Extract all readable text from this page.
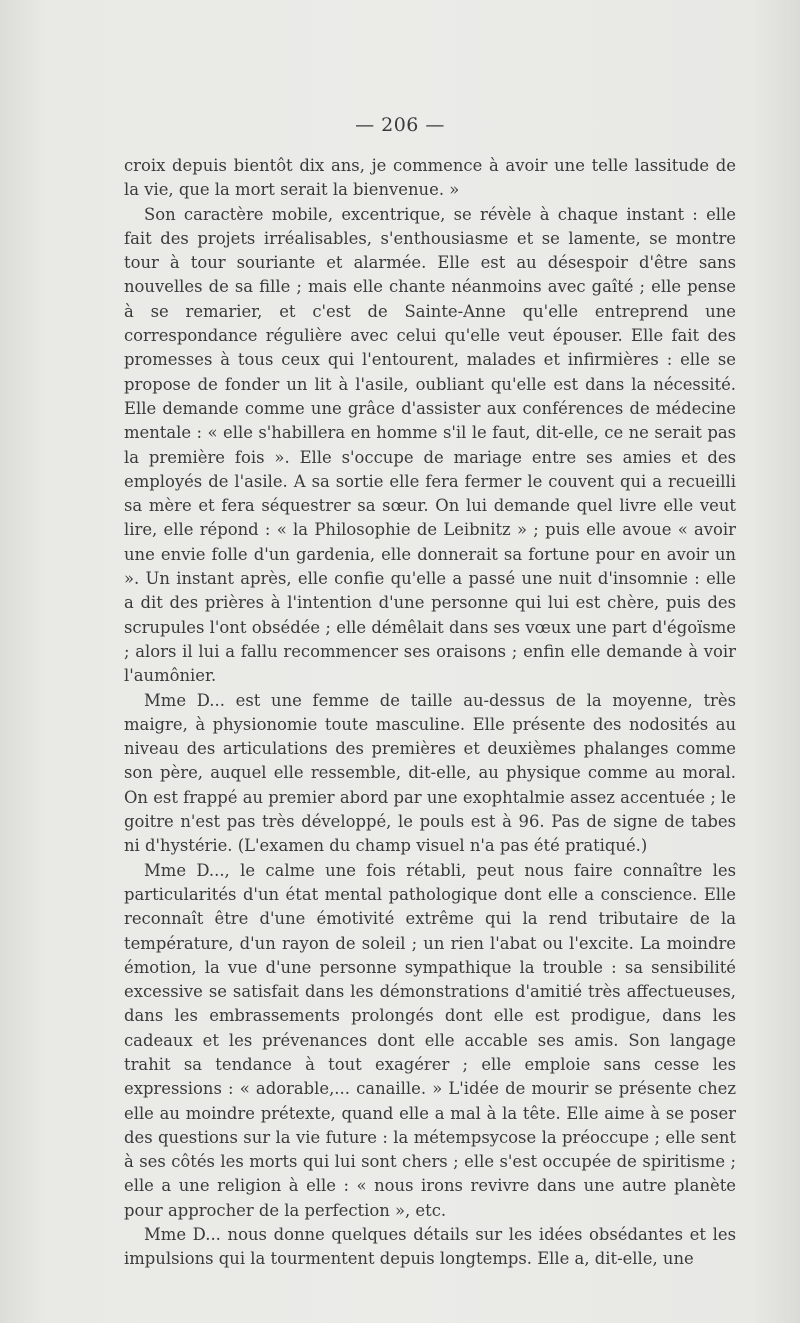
— 206 —

croix depuis bientôt dix ans, je commence à avoir une telle lassitude de la vie, que la mort serait la bienvenue. »

Son caractère mobile, excentrique, se révèle à chaque instant : elle fait des projets irréalisables, s'enthousiasme et se lamente, se montre tour à tour souriante et alarmée. Elle est au désespoir d'être sans nouvelles de sa fille ; mais elle chante néanmoins avec gaîté ; elle pense à se remarier, et c'est de Sainte-Anne qu'elle entreprend une correspondance régulière avec celui qu'elle veut épouser. Elle fait des promesses à tous ceux qui l'entourent, malades et infirmières : elle se propose de fonder un lit à l'asile, oubliant qu'elle est dans la nécessité. Elle demande comme une grâce d'assister aux conférences de médecine mentale : « elle s'habillera en homme s'il le faut, dit-elle, ce ne serait pas la première fois ». Elle s'occupe de mariage entre ses amies et des employés de l'asile. A sa sortie elle fera fermer le couvent qui a recueilli sa mère et fera séquestrer sa sœur. On lui demande quel livre elle veut lire, elle répond : « la Philosophie de Leibnitz » ; puis elle avoue « avoir une envie folle d'un gardenia, elle donnerait sa fortune pour en avoir un ». Un instant après, elle confie qu'elle a passé une nuit d'insomnie : elle a dit des prières à l'intention d'une personne qui lui est chère, puis des scrupules l'ont obsédée ; elle démêlait dans ses vœux une part d'égoïsme ; alors il lui a fallu recommencer ses oraisons ; enfin elle demande à voir l'aumônier.

Mme D... est une femme de taille au-dessus de la moyenne, très maigre, à physionomie toute masculine. Elle présente des nodosités au niveau des articulations des premières et deuxièmes phalanges comme son père, auquel elle ressemble, dit-elle, au physique comme au moral. On est frappé au premier abord par une exophtalmie assez accentuée ; le goitre n'est pas très développé, le pouls est à 96. Pas de signe de tabes ni d'hystérie. (L'examen du champ visuel n'a pas été pratiqué.)

Mme D..., le calme une fois rétabli, peut nous faire connaître les particularités d'un état mental pathologique dont elle a conscience. Elle reconnaît être d'une émotivité extrême qui la rend tributaire de la température, d'un rayon de soleil ; un rien l'abat ou l'excite. La moindre émotion, la vue d'une personne sympathique la trouble : sa sensibilité excessive se satisfait dans les démonstrations d'amitié très affectueuses, dans les embrassements prolongés dont elle est prodigue, dans les cadeaux et les prévenances dont elle accable ses amis. Son langage trahit sa tendance à tout exagérer ; elle emploie sans cesse les expressions : « adorable,... canaille. » L'idée de mourir se présente chez elle au moindre prétexte, quand elle a mal à la tête. Elle aime à se poser des questions sur la vie future : la métempsycose la préoccupe ; elle sent à ses côtés les morts qui lui sont chers ; elle s'est occupée de spiritisme ; elle a une religion à elle : « nous irons revivre dans une autre planète pour approcher de la perfection », etc.

Mme D... nous donne quelques détails sur les idées obsédantes et les impulsions qui la tourmentent depuis longtemps. Elle a, dit-elle, une
